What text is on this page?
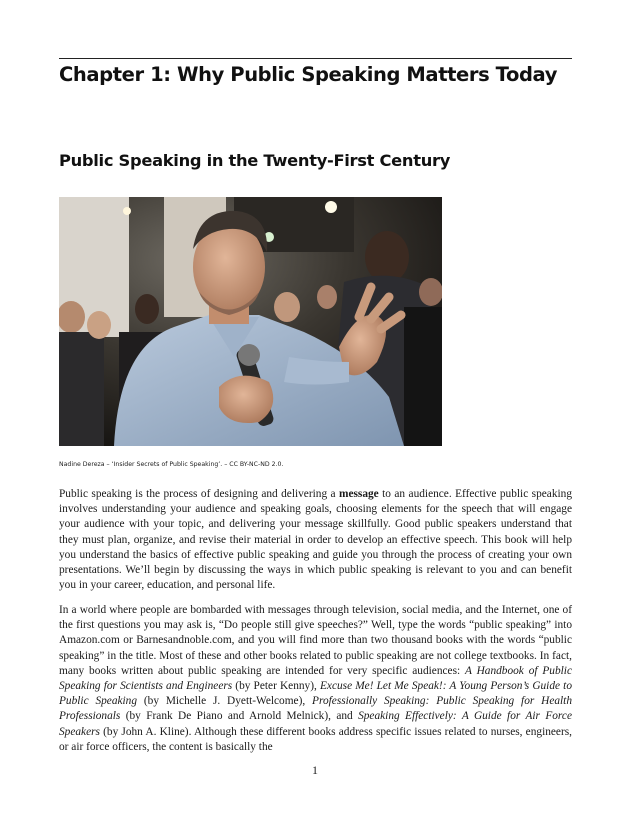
Chapter 1: Why Public Speaking Matters Today
Public Speaking in the Twenty-First Century

Nadine Dereza – ‘Insider Secrets of Public Speaking’. – CC BY-NC-ND 2.0.

Public speaking is the process of designing and delivering a message to an audience. Effective public speaking involves understanding your audience and speaking goals, choosing elements for the speech that will engage your audience with your topic, and delivering your message skillfully. Good public speakers understand that they must plan, organize, and revise their material in order to develop an effective speech. This book will help you understand the basics of effective public speaking and guide you through the process of creating your own presentations. We’ll begin by discussing the ways in which public speaking is relevant to you and can benefit you in your career, education, and personal life.

In a world where people are bombarded with messages through television, social media, and the Internet, one of the first questions you may ask is, “Do people still give speeches?” Well, type the words “public speaking” into Amazon.com or Barnesandnoble.com, and you will find more than two thousand books with the words “public speaking” in the title. Most of these and other books related to public speaking are not college textbooks. In fact, many books written about public speaking are intended for very specific audiences: A Handbook of Public Speaking for Scientists and Engineers (by Peter Kenny), Excuse Me! Let Me Speak!: A Young Person’s Guide to Public Speaking (by Michelle J. Dyett-Welcome), Professionally Speaking: Public Speaking for Health Professionals (by Frank De Piano and Arnold Melnick), and Speaking Effectively: A Guide for Air Force Speakers (by John A. Kline). Although these different books address specific issues related to nurses, engineers, or air force officers, the content is basically the

1
